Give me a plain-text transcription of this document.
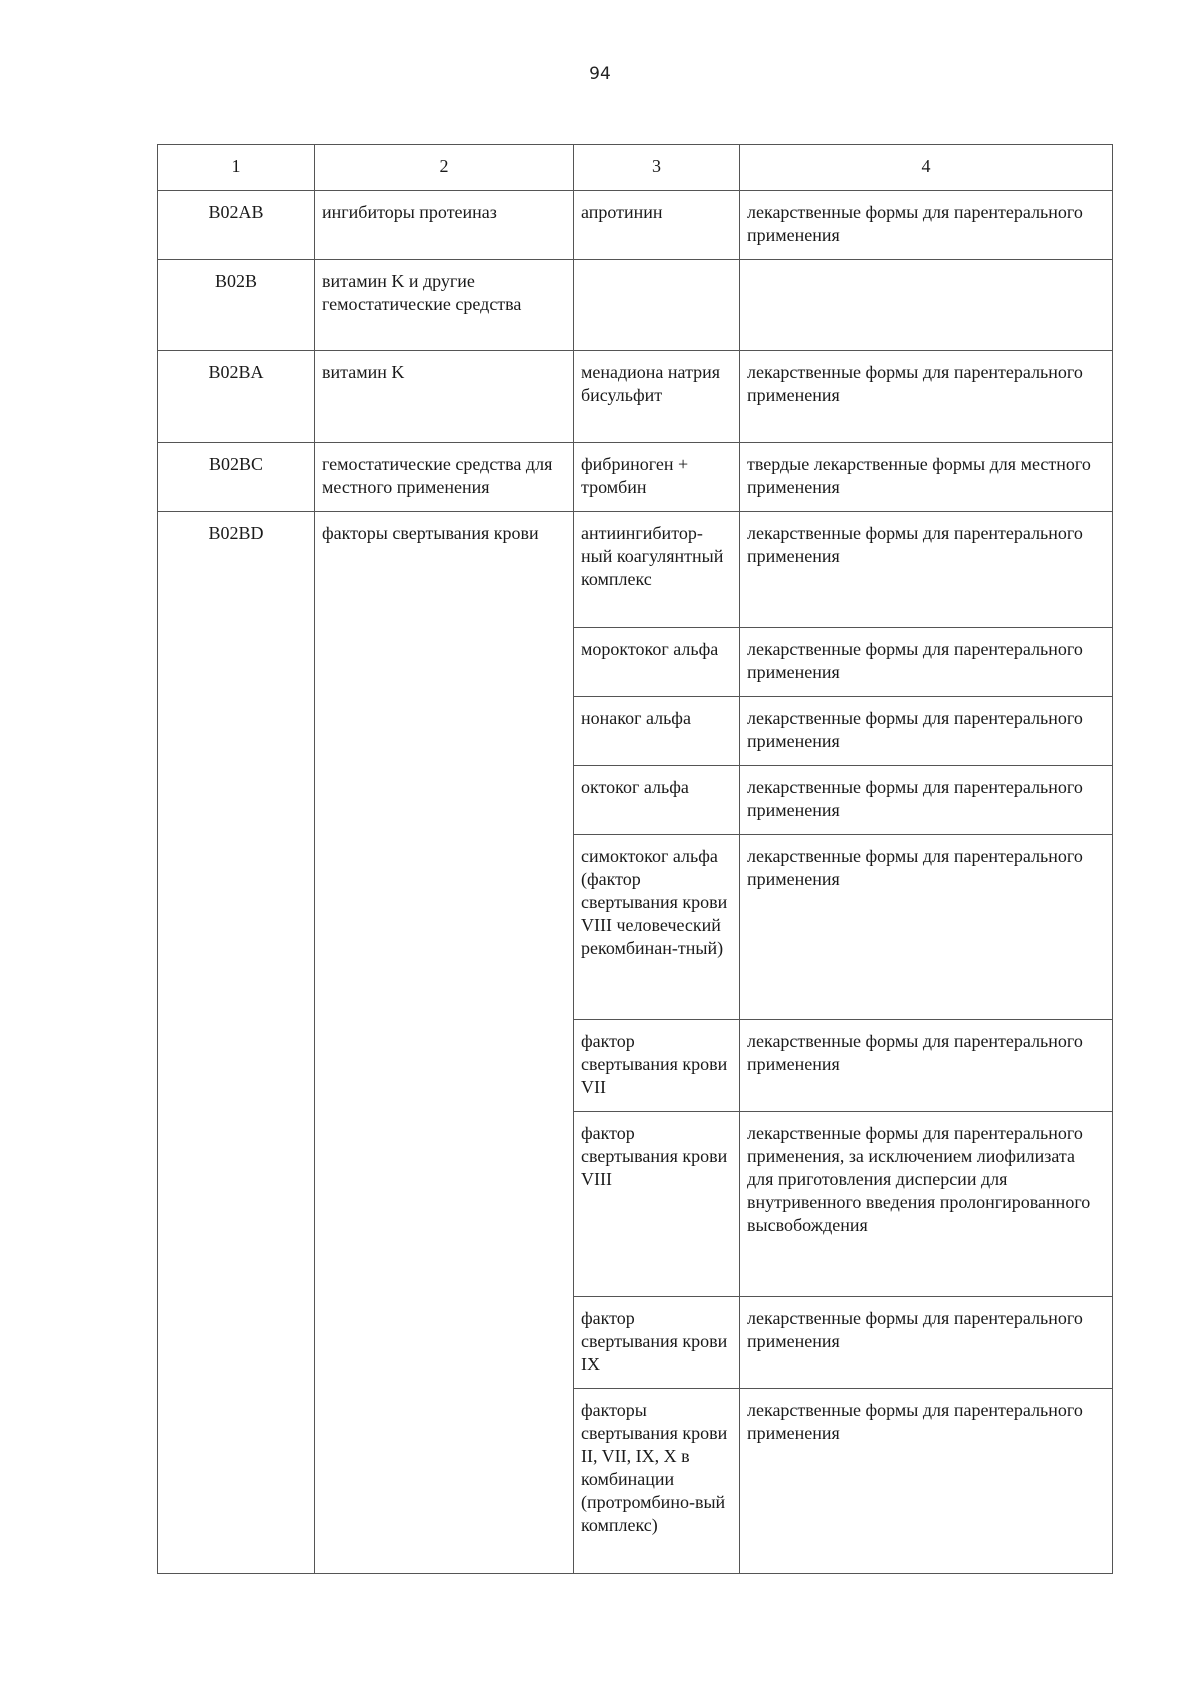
94
1	2	3	4
B02AB	ингибиторы протеиназ	апротинин	лекарственные формы для парентерального применения
B02B	витамин K и другие гемостатические средства		
B02BA	витамин K	менадиона натрия бисульфит	лекарственные формы для парентерального применения
B02BC	гемостатические средства для местного применения	фибриноген + тромбин	твердые лекарственные формы для местного применения
B02BD	факторы свертывания крови	антиингибитор-ный коагулянтный комплекс	лекарственные формы для парентерального применения
		мороктоког альфа	лекарственные формы для парентерального применения
		нонаког альфа	лекарственные формы для парентерального применения
		октоког альфа	лекарственные формы для парентерального применения
		симоктоког альфа (фактор свертывания крови VIII человеческий рекомбинан-тный)	лекарственные формы для парентерального применения
		фактор свертывания крови VII	лекарственные формы для парентерального применения
		фактор свертывания крови VIII	лекарственные формы для парентерального применения, за исключением лиофилизата для приготовления дисперсии для внутривенного введения пролонгированного высвобождения
		фактор свертывания крови IX	лекарственные формы для парентерального применения
		факторы свертывания крови II, VII, IX, X в комбинации (протромбино-вый комплекс)	лекарственные формы для парентерального применения
